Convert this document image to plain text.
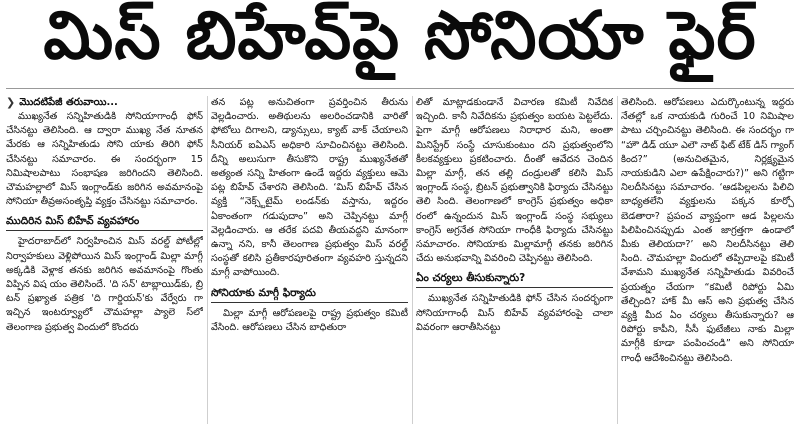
మిస్ బిహేవ్‌పై సోనియా ఫైర్
❯ మొదటిపేజీ తరువాయి...

ముఖ్యనేత సన్నిహితుడికి సోనియాగాంధీ ఫోన్ చేసినట్టు తెలిసింది. ఆ ద్వారా ముఖ్య నేత నూతన మేరకు ఆ సన్నిహితుడు సోని యాకు తిరిగి ఫోన్ చేసినట్టు సమాచారం. ఈ సందర్భంగా 15 నిమిషాలపాటు సంభాషణ జరిగిందని తెలిసింది. చౌమహల్లాలో మిస్ ఇంగ్లాండ్‌కు జరిగిన అవమానంపై సోనియా తీవ్రఅసంతృప్తి వ్యక్తం చేసినట్టు సమాచారం.

ముదిరిన మిస్ బిహేవ్ వ్యవహారం

హైదరాబాద్‌లో నిర్వహించిన మిస్ వరల్డ్ పోటీల్లో నిర్వాహకులు వెళ్లిపోయిన మిస్ ఇంగ్లాండ్ మిల్లా మాగ్గీ అక్కడికి వెళ్లాక తనకు జరిగిన అవమానంపై గొంతు విప్పిన విష యం తెలిసిందే. 'ది సన్' టాబ్లాయిడ్‌కు, బ్రి టన్ ప్రఖ్యాత పత్రిక 'ది గార్డియన్'కు వేర్వేరు గా ఇచ్చిన ఇంటర్వ్యూలో చౌమహల్లా ప్యాలె స్‌లో తెలంగాణ ప్రభుత్వ విందులో కొందరు

తన పట్ల అనుచితంగా ప్రవర్తించిన తీరును వెల్లడించారు. అతిథులను అలరించడానికి వారితో ఫోటోలు దిగాలని, డ్యాన్సులు, క్యాట్ వాక్ చేయాలని సీనియర్ ఐఏఎస్ అధికారి సూచించినట్టు తెలిసింది. దీన్ని అలుసుగా తీసుకొని రాష్ట్ర ముఖ్యనేతతో అత్యంత సన్ని హితంగా ఉండే ఇద్దరు వ్యక్తులు ఆమె పట్ల బిహేవ్ చేశారని తెలిసింది. ‘మిస్ బిహేవ్ చేసిన వ్యక్తి “నెక్స్ట్‌టైమ్ లండన్‌కు వస్తాను, ఇద్దరం ఏకాంతంగా గడుపుదాం” అని చెప్పినట్టు మాగ్గీ వెల్లడించారు. ఆ తరేక పదవి తీయవద్దని మానంగా ఉన్నా నని, కానీ తెలంగాణ ప్రభుత్వం మిస్ వరల్డ్ సంస్థతో కలిసి ప్రతీకారపూరితంగా వ్యవహరి స్తున్నదని మాగ్గీ వాపోయింది.

సోనియాకు మాగ్గీ ఫిర్యాదు

మిల్లా మాగ్గీ ఆరోపణలపై రాష్ట్ర ప్రభుత్వం కమిటీ వేసింది. ఆరోపణలు చేసిన బాధితురా

లితో మాట్లాడకుండానే విచారణ కమిటీ నివేదిక ఇచ్చింది. కానీ నివేదికను ప్రభుత్వం బయట పెట్టలేదు. పైగా మాగ్గీ ఆరోపణలు నిరాధార మని, అంతా మినిస్ట్రేర్ సంస్థే చూసుకుంటుం దని ప్రభుత్వంలోని కీలకవ్యక్తులు ప్రకటించారు. దీంతో ఆవేదన చెందిన మిల్లా మాగ్గీ, తన తల్లి దండ్రులతో కలిసి మిస్ ఇంగ్లాండ్ సంస్థ, బ్రిటన్ ప్రభుత్వానికి ఫిర్యాదు చేసినట్టు తెలి సింది. తెలంగాణలో కాంగ్రెస్ ప్రభుత్వం అధికా రంలో ఉన్నందున మిస్ ఇంగ్లాండ్ సంస్థ సభ్యులు కాంగ్రెస్ అగ్రనేత సోనియా గాంధీకి ఫిర్యాదు చేసినట్టు సమాచారం. సోనియాకు మిల్లామాగ్గీ తనకు జరిగిన చేదు అనుభవాన్ని వివరించి చెప్పినట్టు తెలిసింది.

ఏం చర్యలు తీసుకున్నారు?

ముఖ్యనేత సన్నిహితుడికి ఫోన్ చేసిన సందర్భంగా సోనియాగాంధీ మిస్ బిహేవ్ వ్యవహారంపై చాలా వివరంగా ఆరాతీసినట్టు

తెలిసింది. ఆరోపణలు ఎదుర్కొంటున్న ఇద్దరు నేతల్లో ఒక నాయకుడి గురించే 10 నిమిషాల పాటు చర్చించినట్టు తెలిసింది. ఈ సందర్భం గా “హౌ డిడ్ యూ ఎలౌ నాట్ ఫిట్ టేక్ డిస్ గ్యాంగ్ కింద?” (అనుచితమైన, నిర్లక్ష్యమైన నాయకుడిని ఎలా ఉపేక్షించారు?)” అని గట్టిగా నిలదీసినట్టు సమాచారం. ‘ఆడపిల్లలను పిలిచి బాధ్యతలేని వ్యక్తులను పక్కన కూర్చో బెడతారా? ప్రపంచ వ్యాప్తంగా ఆడ పిల్లలను పిలిపించినప్పుడు ఎంత జాగ్రత్తగా ఉండాలో మీకు తెలియదా?’ అని నిలదీసినట్టు తెలి సింది. చౌమహల్లా విందులో తప్పిదాలపై కమిటీ వేశామని ముఖ్యనేత సన్నిహితుడు వివరించే ప్రయత్నం చేయగా “కమిటీ రిపోర్టు ఏమి తేల్చింది? హాక్ మీ ఆస్ అని ప్రభుత్వ చేసిన వ్యక్తి మీద ఏం చర్యలు తీసుకున్నారు? ఆ రిపోర్టు కాపీని, సీసీ ఫుటేజీలు నాకు మిల్లా మాగ్గీకి కూడా పంపించండి” అని సోనియా గాంధీ ఆదేశించినట్టు తెలిసింది.
